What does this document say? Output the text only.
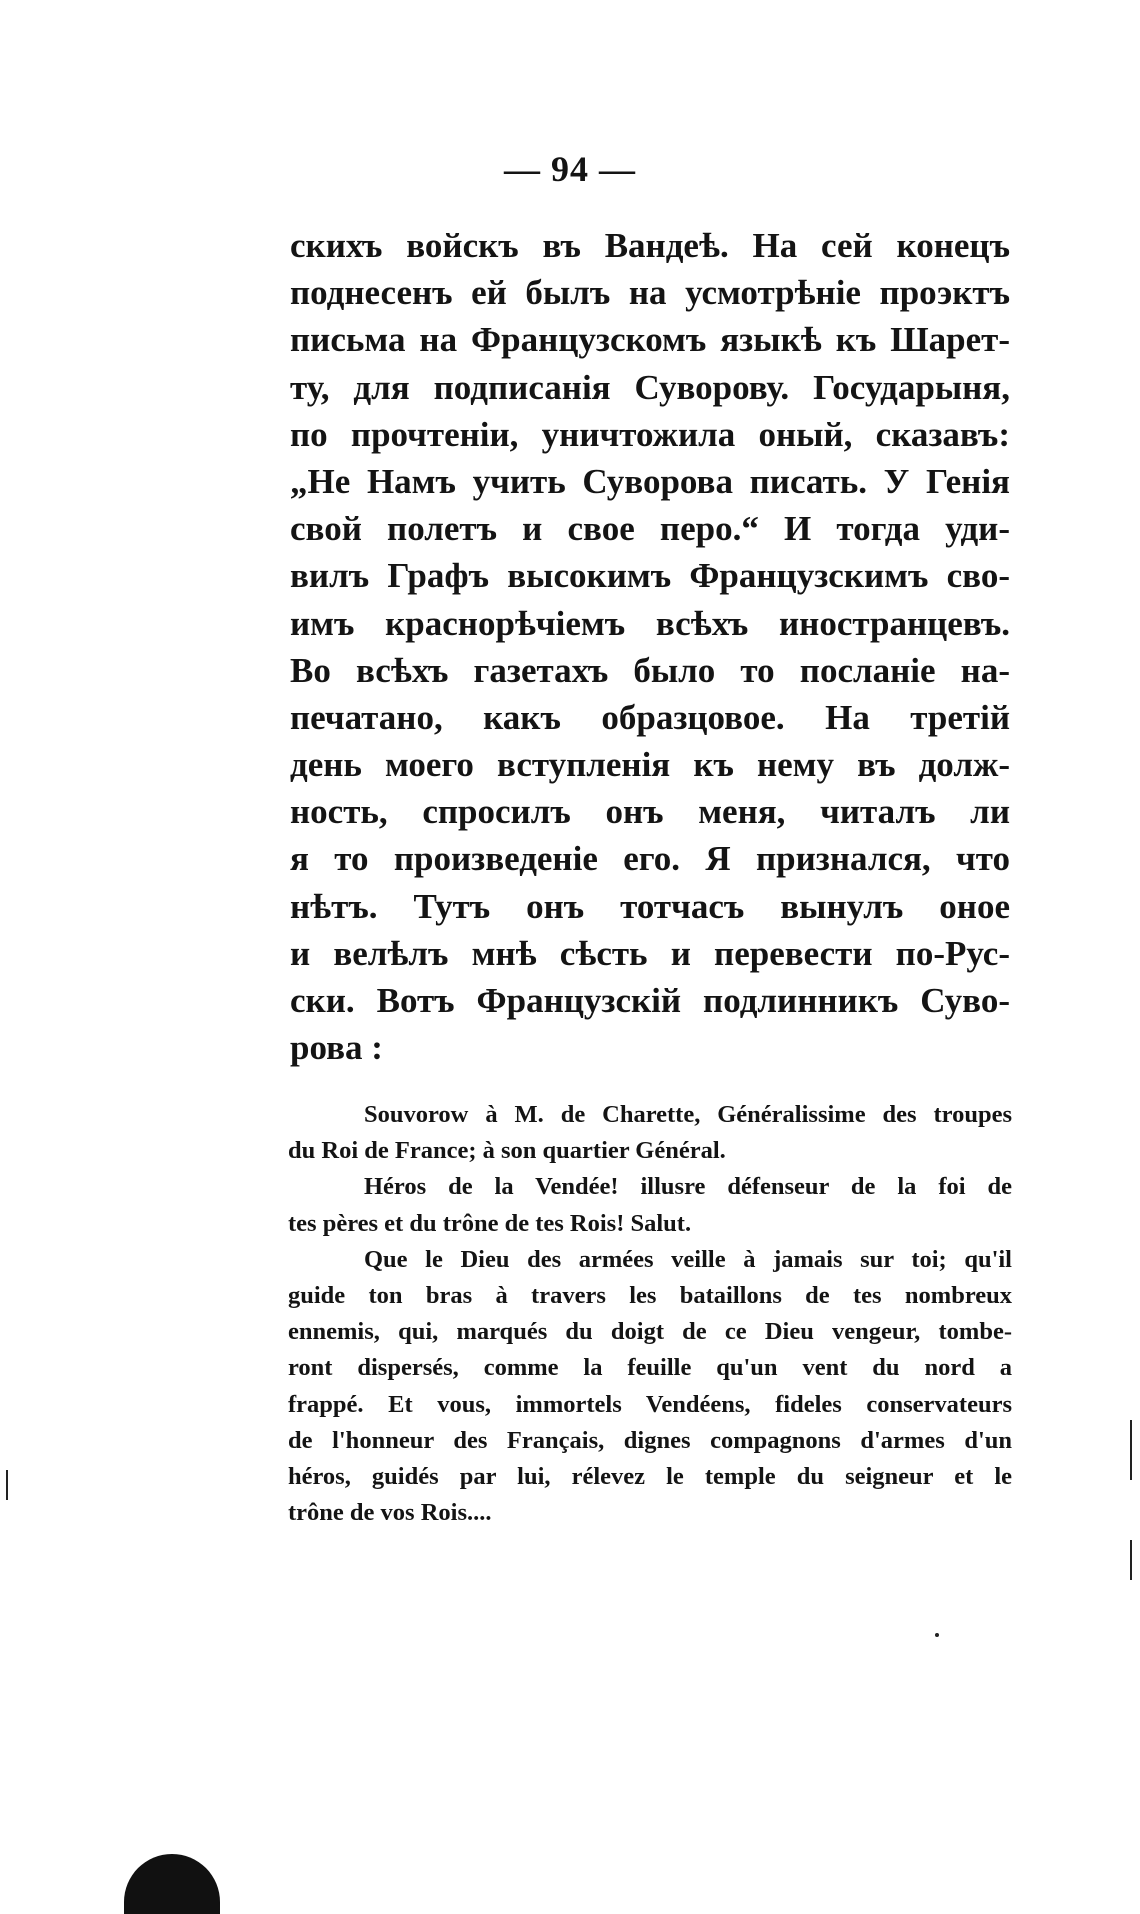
— 94 —
скихъ войскъ въ Вандеѣ. На сей конецъ
поднесенъ ей былъ на усмотрѣніе проэктъ
письма на Французскомъ языкѣ къ Шарет-
ту, для подписанія Суворову. Государыня,
по прочтеніи, уничтожила оный, сказавъ:
„Не Намъ учить Суворова писать. У Генія
свой полетъ и свое перо.“ И тогда уди-
вилъ Графъ высокимъ Французскимъ сво-
имъ краснорѣчіемъ всѣхъ иностранцевъ.
Во всѣхъ газетахъ было то посланіе на-
печатано, какъ образцовое. На третій
день моего вступленія къ нему въ долж-
ность, спросилъ онъ меня, читалъ ли
я то произведеніе его. Я признался, что
нѣтъ. Тутъ онъ тотчасъ вынулъ оное
и велѣлъ мнѣ сѣсть и перевести по-Рус-
ски. Вотъ Французскій подлинникъ Суво-
рова :
Souvorow à M. de Charette, Généralissime des troupes
du Roi de France; à son quartier Général.
Héros de la Vendée! illusre défenseur de la foi de
tes pères et du trône de tes Rois! Salut.
Que le Dieu des armées veille à jamais sur toi; qu'il
guide ton bras à travers les bataillons de tes nombreux
ennemis, qui, marqués du doigt de ce Dieu vengeur, tombe-
ront dispersés, comme la feuille qu'un vent du nord a
frappé. Et vous, immortels Vendéens, fideles conservateurs
de l'honneur des Français, dignes compagnons d'armes d'un
héros, guidés par lui, rélevez le temple du seigneur et le
trône de vos Rois....
